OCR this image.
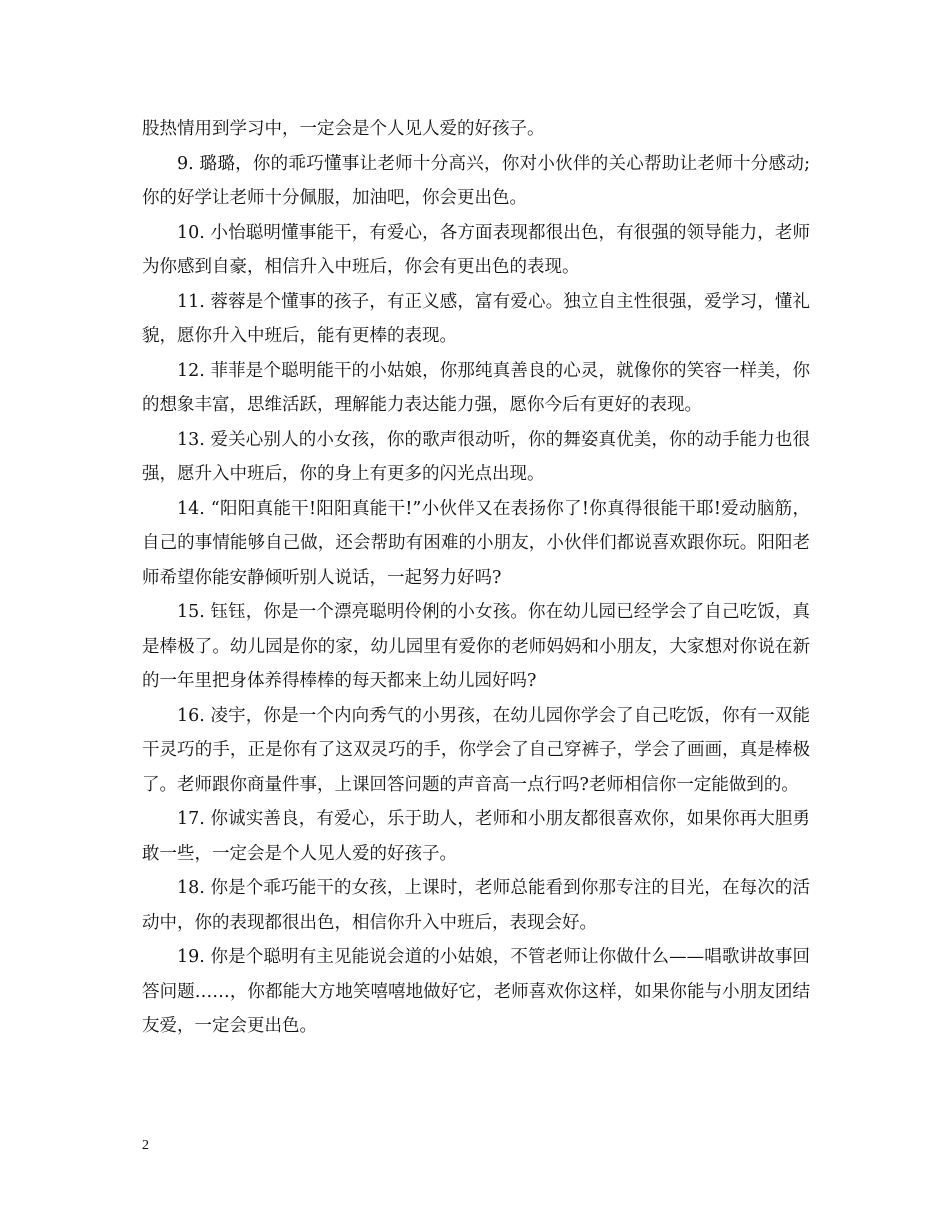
股热情用到学习中，一定会是个人见人爱的好孩子。

9. 璐璐，你的乖巧懂事让老师十分高兴，你对小伙伴的关心帮助让老师十分感动;你的好学让老师十分佩服，加油吧，你会更出色。

10. 小怡聪明懂事能干，有爱心，各方面表现都很出色，有很强的领导能力，老师为你感到自豪，相信升入中班后，你会有更出色的表现。

11. 蓉蓉是个懂事的孩子，有正义感，富有爱心。独立自主性很强，爱学习，懂礼貌，愿你升入中班后，能有更棒的表现。

12. 菲菲是个聪明能干的小姑娘，你那纯真善良的心灵，就像你的笑容一样美，你的想象丰富，思维活跃，理解能力表达能力强，愿你今后有更好的表现。

13. 爱关心别人的小女孩，你的歌声很动听，你的舞姿真优美，你的动手能力也很强，愿升入中班后，你的身上有更多的闪光点出现。

14. “阳阳真能干!阳阳真能干!”小伙伴又在表扬你了!你真得很能干耶!爱动脑筋，自己的事情能够自己做，还会帮助有困难的小朋友，小伙伴们都说喜欢跟你玩。阳阳老师希望你能安静倾听别人说话，一起努力好吗?

15. 钰钰，你是一个漂亮聪明伶俐的小女孩。你在幼儿园已经学会了自己吃饭，真是棒极了。幼儿园是你的家，幼儿园里有爱你的老师妈妈和小朋友，大家想对你说在新的一年里把身体养得棒棒的每天都来上幼儿园好吗?

16. 凌宇，你是一个内向秀气的小男孩，在幼儿园你学会了自己吃饭，你有一双能干灵巧的手，正是你有了这双灵巧的手，你学会了自己穿裤子，学会了画画，真是棒极了。老师跟你商量件事，上课回答问题的声音高一点行吗?老师相信你一定能做到的。

17. 你诚实善良，有爱心，乐于助人，老师和小朋友都很喜欢你，如果你再大胆勇敢一些，一定会是个人见人爱的好孩子。

18. 你是个乖巧能干的女孩，上课时，老师总能看到你那专注的目光，在每次的活动中，你的表现都很出色，相信你升入中班后，表现会好。

19. 你是个聪明有主见能说会道的小姑娘，不管老师让你做什么——唱歌讲故事回答问题……，你都能大方地笑嘻嘻地做好它，老师喜欢你这样，如果你能与小朋友团结友爱，一定会更出色。

2
